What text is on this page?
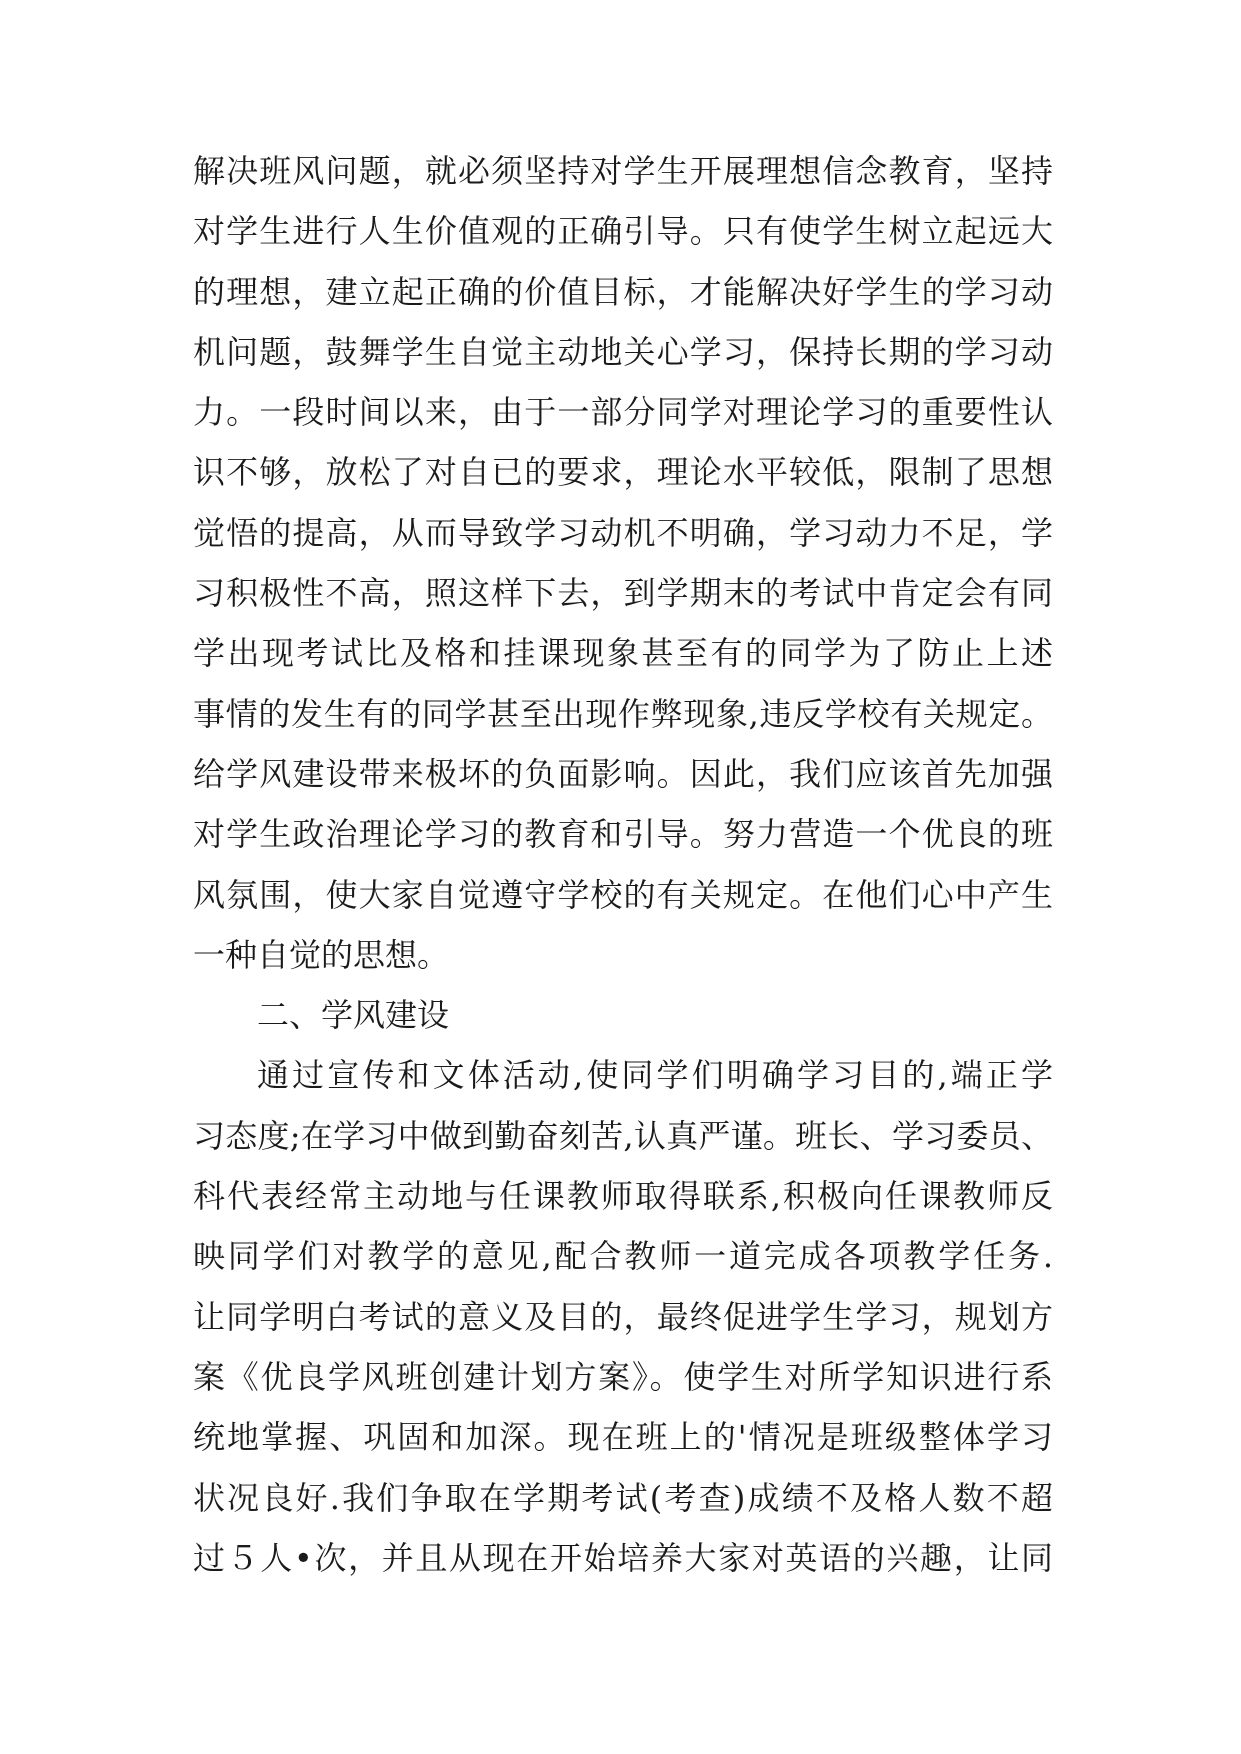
解决班风问题，就必须坚持对学生开展理想信念教育，坚持
对学生进行人生价值观的正确引导。只有使学生树立起远大
的理想，建立起正确的价值目标，才能解决好学生的学习动
机问题，鼓舞学生自觉主动地关心学习，保持长期的学习动
力。一段时间以来，由于一部分同学对理论学习的重要性认
识不够，放松了对自已的要求，理论水平较低，限制了思想
觉悟的提高，从而导致学习动机不明确，学习动力不足，学
习积极性不高，照这样下去，到学期末的考试中肯定会有同
学出现考试比及格和挂课现象甚至有的同学为了防止上述
事情的发生有的同学甚至出现作弊现象,违反学校有关规定。
给学风建设带来极坏的负面影响。因此，我们应该首先加强
对学生政治理论学习的教育和引导。努力营造一个优良的班
风氛围，使大家自觉遵守学校的有关规定。在他们心中产生
一种自觉的思想。
二、学风建设
通过宣传和文体活动,使同学们明确学习目的,端正学
习态度;在学习中做到勤奋刻苦,认真严谨。班长、学习委员、
科代表经常主动地与任课教师取得联系,积极向任课教师反
映同学们对教学的意见,配合教师一道完成各项教学任务.
让同学明白考试的意义及目的，最终促进学生学习，规划方
案《优良学风班创建计划方案》。使学生对所学知识进行系
统地掌握、巩固和加深。现在班上的'情况是班级整体学习
状况良好.我们争取在学期考试(考查)成绩不及格人数不超
过５人•次，并且从现在开始培养大家对英语的兴趣，让同
